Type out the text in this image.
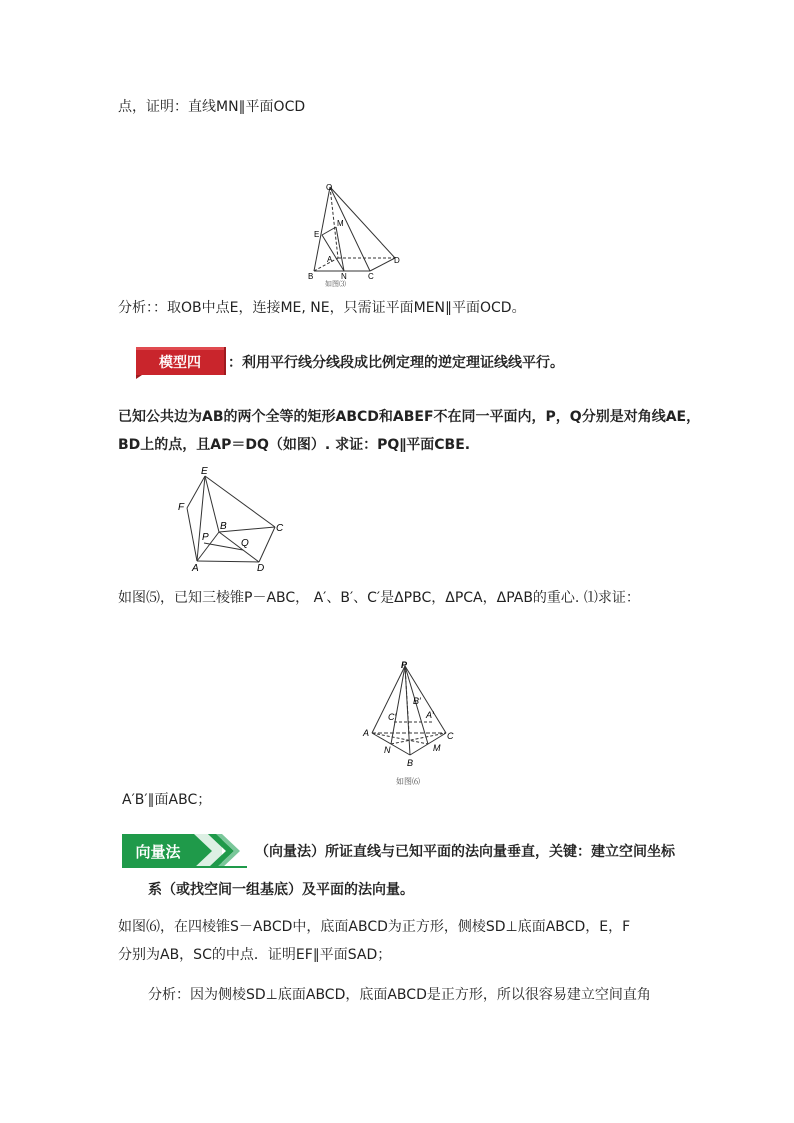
点，证明：直线MN∥平面OCD
O
M
E
A
B	N	C
D
如图⑶
分析：：取OB中点E，连接ME, NE，只需证平面MEN∥平面OCD。
模型四 ：利用平行线分线段成比例定理的逆定理证线线平行。
已知公共边为AB的两个全等的矩形ABCD和ABEF不在同一平面内，P，Q分别是对角线AE，
BD上的点，且AP＝DQ（如图）. 求证：PQ∥平面CBE.
E
F
B	C
P
Q
A	D
如图⑸，已知三棱锥P－ABC， A′、B′、C′是ΔPBC，ΔPCA，ΔPAB的重心. ⑴求证：
P
B′
C′	A′
A	C
N	M
B
如图⑹
A′B′∥面ABC；
向量法	（向量法）所证直线与已知平面的法向量垂直，关键：建立空间坐标
系（或找空间一组基底）及平面的法向量。
如图⑹，在四棱锥S－ABCD中，底面ABCD为正方形，侧棱SD⊥底面ABCD，E，F
分别为AB，SC的中点．证明EF∥平面SAD；
分析：因为侧棱SD⊥底面ABCD，底面ABCD是正方形，所以很容易建立空间直角
